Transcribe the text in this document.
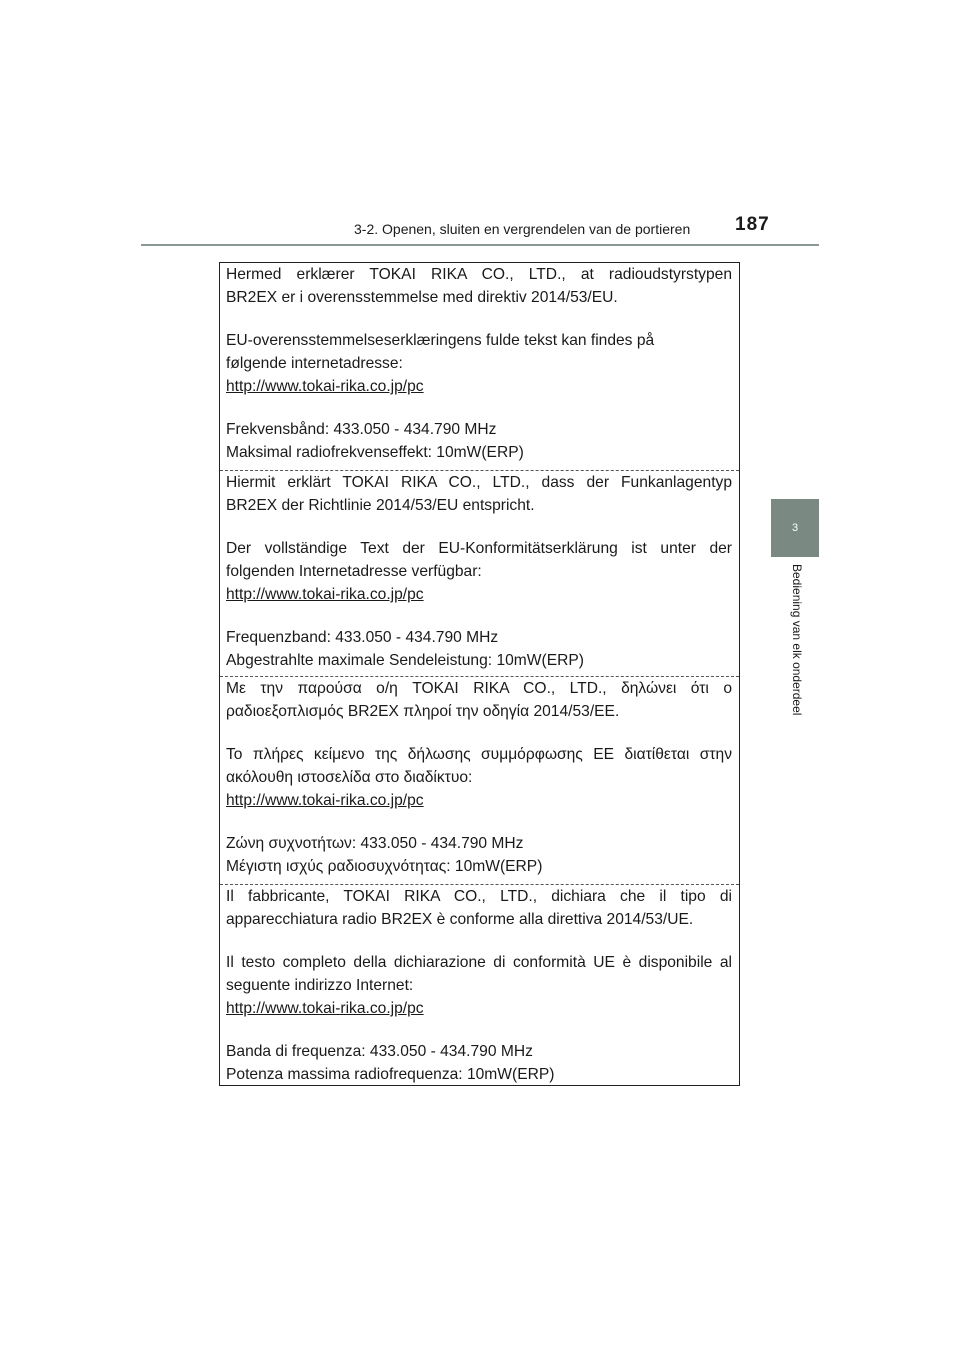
3-2. Openen, sluiten en vergrendelen van de portieren 187
3
Bediening van elk onderdeel

Hermed erklærer TOKAI RIKA CO., LTD., at radioudstyrstypen

BR2EX er i overensstemmelse med direktiv 2014/53/EU.

EU-overensstemmelseserklæringens fulde tekst kan findes på

følgende internetadresse:

http://www.tokai-rika.co.jp/pc

Frekvensbånd: 433.050 - 434.790 MHz

Maksimal radiofrekvenseffekt: 10mW(ERP)

Hiermit erklärt TOKAI RIKA CO., LTD., dass der Funkanlagentyp

BR2EX der Richtlinie 2014/53/EU entspricht.

Der vollständige Text der EU-Konformitätserklärung ist unter der

folgenden Internetadresse verfügbar:

http://www.tokai-rika.co.jp/pc

Frequenzband: 433.050 - 434.790 MHz

Abgestrahlte maximale Sendeleistung: 10mW(ERP)

Με την παρούσα ο/η TOKAI RIKA CO., LTD., δηλώνει ότι ο

ραδιοεξοπλισμός BR2EX πληροί την οδηγία 2014/53/ΕΕ.

Το πλήρες κείμενο της δήλωσης συμμόρφωσης ΕΕ διατίθεται στην

ακόλουθη ιστοσελίδα στο διαδίκτυο:

http://www.tokai-rika.co.jp/pc

Ζώνη συχνοτήτων: 433.050 - 434.790 MHz

Μέγιστη ισχύς ραδιοσυχνότητας: 10mW(ERP)

Il fabbricante, TOKAI RIKA CO., LTD., dichiara che il tipo di

apparecchiatura radio BR2EX è conforme alla direttiva 2014/53/UE.

Il testo completo della dichiarazione di conformità UE è disponibile al

seguente indirizzo Internet:

http://www.tokai-rika.co.jp/pc

Banda di frequenza: 433.050 - 434.790 MHz

Potenza massima radiofrequenza: 10mW(ERP)
